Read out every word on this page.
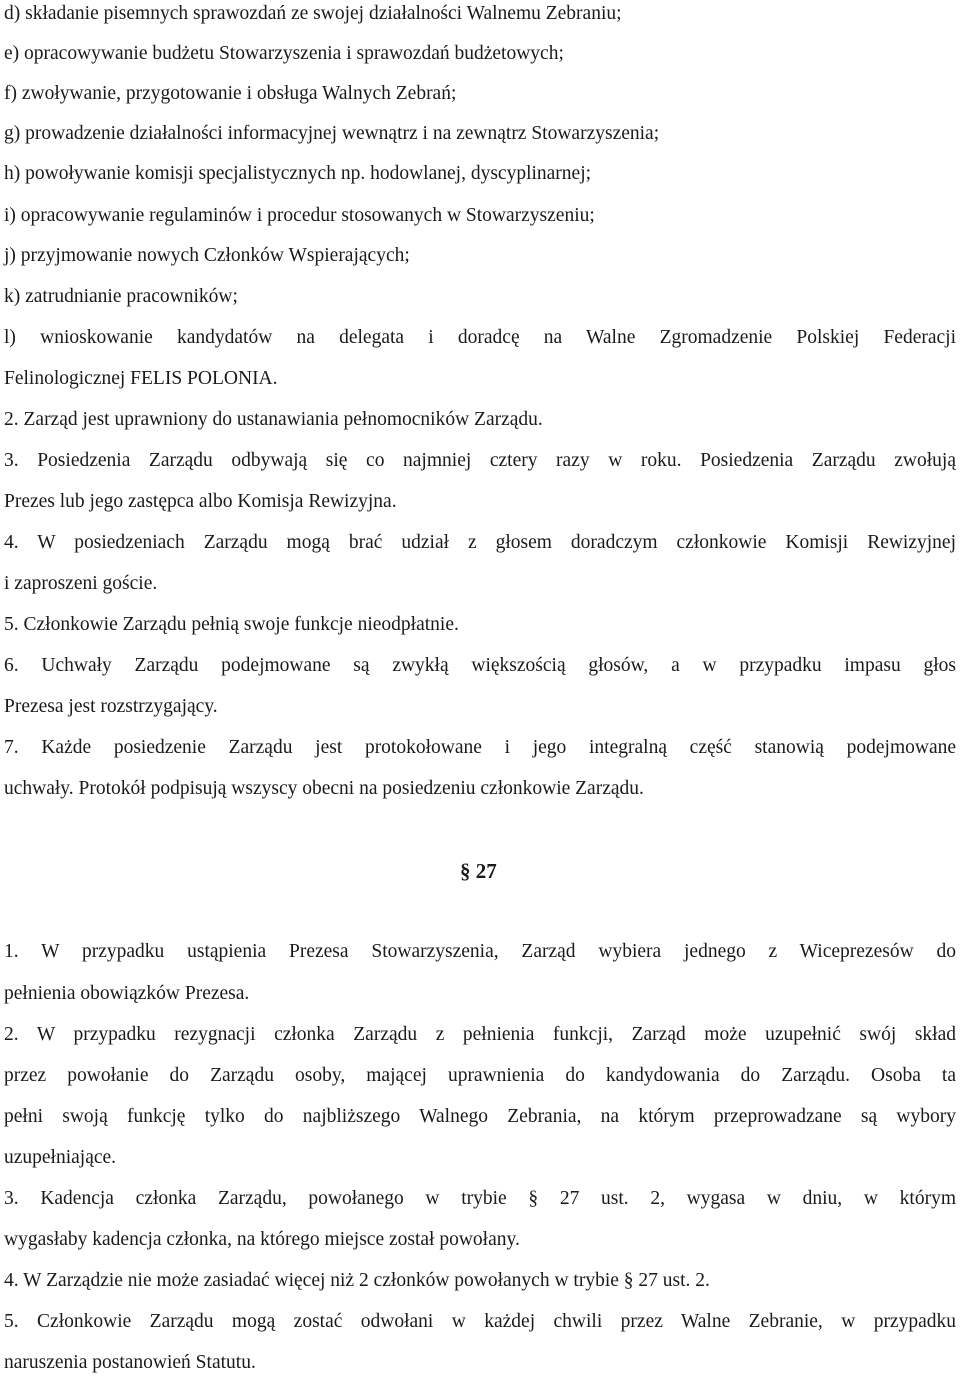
d) składanie pisemnych sprawozdań ze swojej działalności Walnemu Zebraniu;
e) opracowywanie budżetu Stowarzyszenia i sprawozdań budżetowych;
f) zwoływanie, przygotowanie i obsługa Walnych Zebrań;
g) prowadzenie działalności informacyjnej wewnątrz i na zewnątrz Stowarzyszenia;
h) powoływanie komisji specjalistycznych np. hodowlanej, dyscyplinarnej;
i) opracowywanie regulaminów i procedur stosowanych w Stowarzyszeniu;
j) przyjmowanie nowych Członków Wspierających;
k) zatrudnianie pracowników;
l) wnioskowanie kandydatów na delegata i doradcę na Walne Zgromadzenie Polskiej Federacji
Felinologicznej FELIS POLONIA.
2. Zarząd jest uprawniony do ustanawiania pełnomocników Zarządu.
3. Posiedzenia Zarządu odbywają się co najmniej cztery razy w roku. Posiedzenia Zarządu zwołują
Prezes lub jego zastępca albo Komisja Rewizyjna.
4. W posiedzeniach Zarządu mogą brać udział z głosem doradczym członkowie Komisji Rewizyjnej
i zaproszeni goście.
5. Członkowie Zarządu pełnią swoje funkcje nieodpłatnie.
6. Uchwały Zarządu podejmowane są zwykłą większością głosów, a w przypadku impasu głos
Prezesa jest rozstrzygający.
7. Każde posiedzenie Zarządu jest protokołowane i jego integralną część stanowią podejmowane
uchwały. Protokół podpisują wszyscy obecni na posiedzeniu członkowie Zarządu.
§ 27
1. W przypadku ustąpienia Prezesa Stowarzyszenia, Zarząd wybiera jednego z Wiceprezesów do
pełnienia obowiązków Prezesa.
2. W przypadku rezygnacji członka Zarządu z pełnienia funkcji, Zarząd może uzupełnić swój skład
przez powołanie do Zarządu osoby, mającej uprawnienia do kandydowania do Zarządu. Osoba ta
pełni swoją funkcję tylko do najbliższego Walnego Zebrania, na którym przeprowadzane są wybory
uzupełniające.
3. Kadencja członka Zarządu, powołanego w trybie § 27 ust. 2, wygasa w dniu, w którym
wygasłaby kadencja członka, na którego miejsce został powołany.
4. W Zarządzie nie może zasiadać więcej niż 2 członków powołanych w trybie § 27 ust. 2.
5. Członkowie Zarządu mogą zostać odwołani w każdej chwili przez Walne Zebranie, w przypadku
naruszenia postanowień Statutu.
